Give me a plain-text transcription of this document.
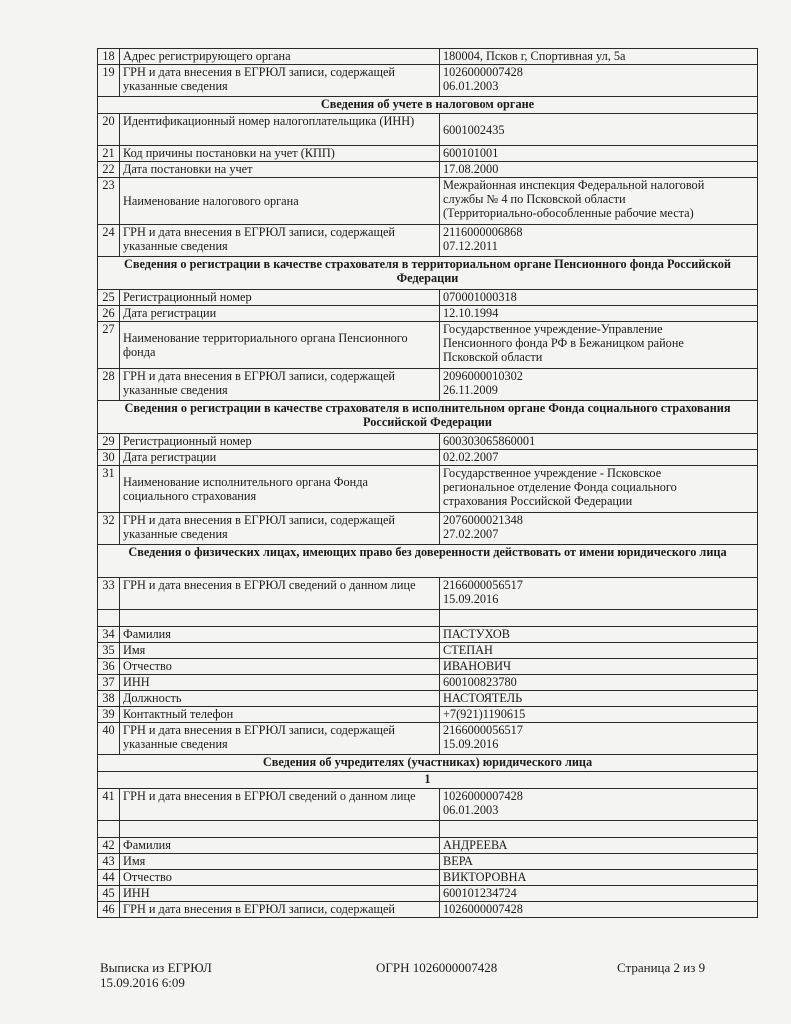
18	Адрес регистрирующего органа	180004, Псков г, Спортивная ул, 5а
19	ГРН и дата внесения в ЕГРЮЛ записи, содержащей указанные сведения	1026000007428
06.01.2003

Сведения об учете в налоговом органе		
20	Идентификационный номер налогоплательщика (ИНН)	6001002435
21	Код причины постановки на учет (КПП)	600101001
22	Дата постановки на учет	17.08.2000
23	Наименование налогового органа	Межрайонная инспекция Федеральной налоговой
службы № 4 по Псковской области
(Территориально-обособленные рабочие места)

24	ГРН и дата внесения в ЕГРЮЛ записи, содержащей указанные сведения	2116000006868
07.12.2011

Сведения о регистрации в качестве страхователя в территориальном органе Пенсионного фонда Российской Федерации		
25	Регистрационный номер	070001000318
26	Дата регистрации	12.10.1994
27	Наименование территориального органа Пенсионного фонда	Государственное учреждение-Управление
Пенсионного фонда РФ в Бежаницком районе
Псковской области

28	ГРН и дата внесения в ЕГРЮЛ записи, содержащей указанные сведения	2096000010302
26.11.2009

Сведения о регистрации в качестве страхователя в исполнительном органе Фонда социального страхования Российской Федерации		
29	Регистрационный номер	600303065860001
30	Дата регистрации	02.02.2007
31	Наименование исполнительного органа Фонда социального страхования	Государственное учреждение - Псковское
региональное отделение Фонда социального
страхования Российской Федерации

32	ГРН и дата внесения в ЕГРЮЛ записи, содержащей указанные сведения	2076000021348
27.02.2007

Сведения о физических лицах, имеющих право без доверенности действовать от имени юридического лица		
33	ГРН и дата внесения в ЕГРЮЛ сведений о данном лице	2166000056517
15.09.2016

34	Фамилия	ПАСТУХОВ
35	Имя	СТЕПАН
36	Отчество	ИВАНОВИЧ
37	ИНН	600100823780
38	Должность	НАСТОЯТЕЛЬ
39	Контактный телефон	+7(921)1190615
40	ГРН и дата внесения в ЕГРЮЛ записи, содержащей указанные сведения	2166000056517
15.09.2016

Сведения об учредителях (участниках) юридического лица		
1		
41	ГРН и дата внесения в ЕГРЮЛ сведений о данном лице	1026000007428
06.01.2003

42	Фамилия	АНДРЕЕВА
43	Имя	ВЕРА
44	Отчество	ВИКТОРОВНА
45	ИНН	600101234724
46	ГРН и дата внесения в ЕГРЮЛ записи, содержащей	1026000007428
Выписка из ЕГРЮЛ
15.09.2016 6:09
ОГРН 1026000007428	Страница 2 из 9
